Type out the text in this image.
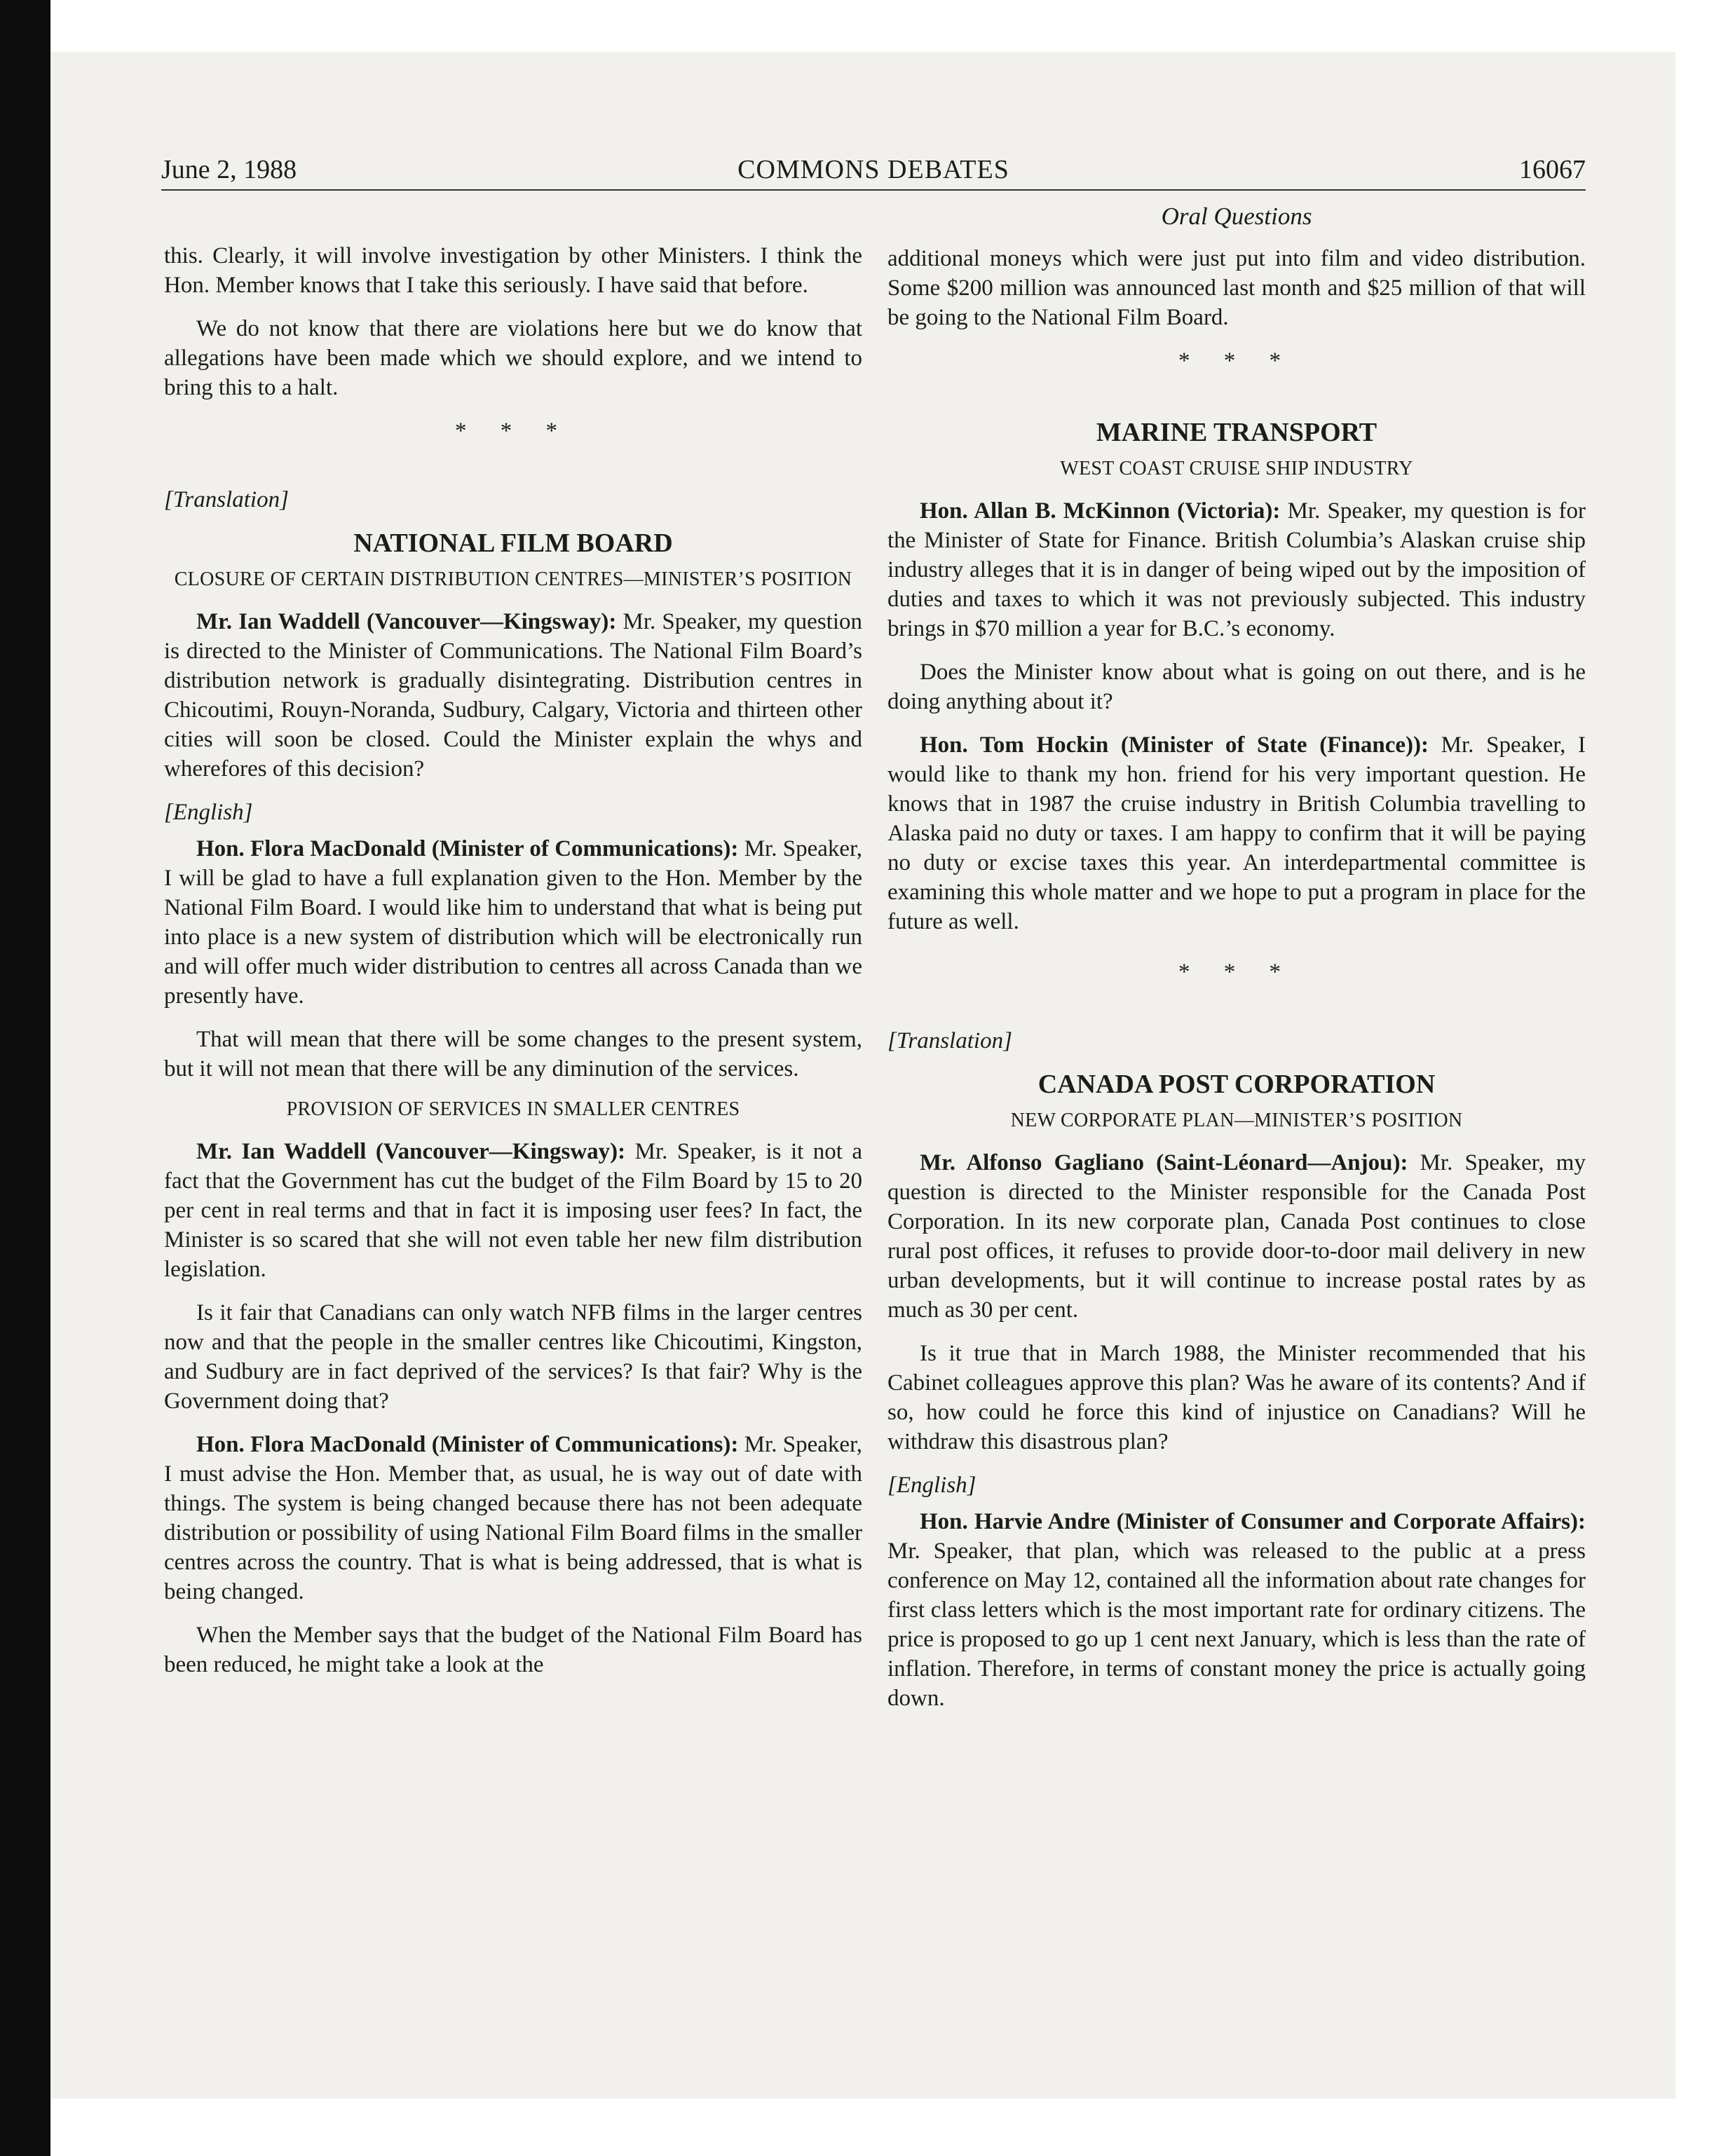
June 2, 1988	COMMONS DEBATES	16067

this. Clearly, it will involve investigation by other Ministers. I think the Hon. Member knows that I take this seriously. I have said that before.

We do not know that there are violations here but we do know that allegations have been made which we should explore, and we intend to bring this to a halt.

* * *
[Translation]
NATIONAL FILM BOARD
CLOSURE OF CERTAIN DISTRIBUTION CENTRES—MINISTER’S POSITION

Mr. Ian Waddell (Vancouver—Kingsway): Mr. Speaker, my question is directed to the Minister of Communications. The National Film Board’s distribution network is gradually disintegrating. Distribution centres in Chicoutimi, Rouyn-Noranda, Sudbury, Calgary, Victoria and thirteen other cities will soon be closed. Could the Minister explain the whys and wherefores of this decision?

[English]

Hon. Flora MacDonald (Minister of Communications): Mr. Speaker, I will be glad to have a full explanation given to the Hon. Member by the National Film Board. I would like him to understand that what is being put into place is a new system of distribution which will be electronically run and will offer much wider distribution to centres all across Canada than we presently have.

That will mean that there will be some changes to the present system, but it will not mean that there will be any diminution of the services.

PROVISION OF SERVICES IN SMALLER CENTRES

Mr. Ian Waddell (Vancouver—Kingsway): Mr. Speaker, is it not a fact that the Government has cut the budget of the Film Board by 15 to 20 per cent in real terms and that in fact it is imposing user fees? In fact, the Minister is so scared that she will not even table her new film distribution legislation.

Is it fair that Canadians can only watch NFB films in the larger centres now and that the people in the smaller centres like Chicoutimi, Kingston, and Sudbury are in fact deprived of the services? Is that fair? Why is the Government doing that?

Hon. Flora MacDonald (Minister of Communications): Mr. Speaker, I must advise the Hon. Member that, as usual, he is way out of date with things. The system is being changed because there has not been adequate distribution or possibility of using National Film Board films in the smaller centres across the country. That is what is being addressed, that is what is being changed.

When the Member says that the budget of the National Film Board has been reduced, he might take a look at the

Oral Questions

additional moneys which were just put into film and video distribution. Some $200 million was announced last month and $25 million of that will be going to the National Film Board.

* * *
MARINE TRANSPORT
WEST COAST CRUISE SHIP INDUSTRY

Hon. Allan B. McKinnon (Victoria): Mr. Speaker, my question is for the Minister of State for Finance. British Columbia’s Alaskan cruise ship industry alleges that it is in danger of being wiped out by the imposition of duties and taxes to which it was not previously subjected. This industry brings in $70 million a year for B.C.’s economy.

Does the Minister know about what is going on out there, and is he doing anything about it?

Hon. Tom Hockin (Minister of State (Finance)): Mr. Speaker, I would like to thank my hon. friend for his very important question. He knows that in 1987 the cruise industry in British Columbia travelling to Alaska paid no duty or taxes. I am happy to confirm that it will be paying no duty or excise taxes this year. An interdepartmental committee is examining this whole matter and we hope to put a program in place for the future as well.

* * *
[Translation]
CANADA POST CORPORATION
NEW CORPORATE PLAN—MINISTER’S POSITION

Mr. Alfonso Gagliano (Saint-Léonard—Anjou): Mr. Speaker, my question is directed to the Minister responsible for the Canada Post Corporation. In its new corporate plan, Canada Post continues to close rural post offices, it refuses to provide door-to-door mail delivery in new urban developments, but it will continue to increase postal rates by as much as 30 per cent.

Is it true that in March 1988, the Minister recommended that his Cabinet colleagues approve this plan? Was he aware of its contents? And if so, how could he force this kind of injustice on Canadians? Will he withdraw this disastrous plan?

[English]

Hon. Harvie Andre (Minister of Consumer and Corporate Affairs): Mr. Speaker, that plan, which was released to the public at a press conference on May 12, contained all the information about rate changes for first class letters which is the most important rate for ordinary citizens. The price is proposed to go up 1 cent next January, which is less than the rate of inflation. Therefore, in terms of constant money the price is actually going down.
